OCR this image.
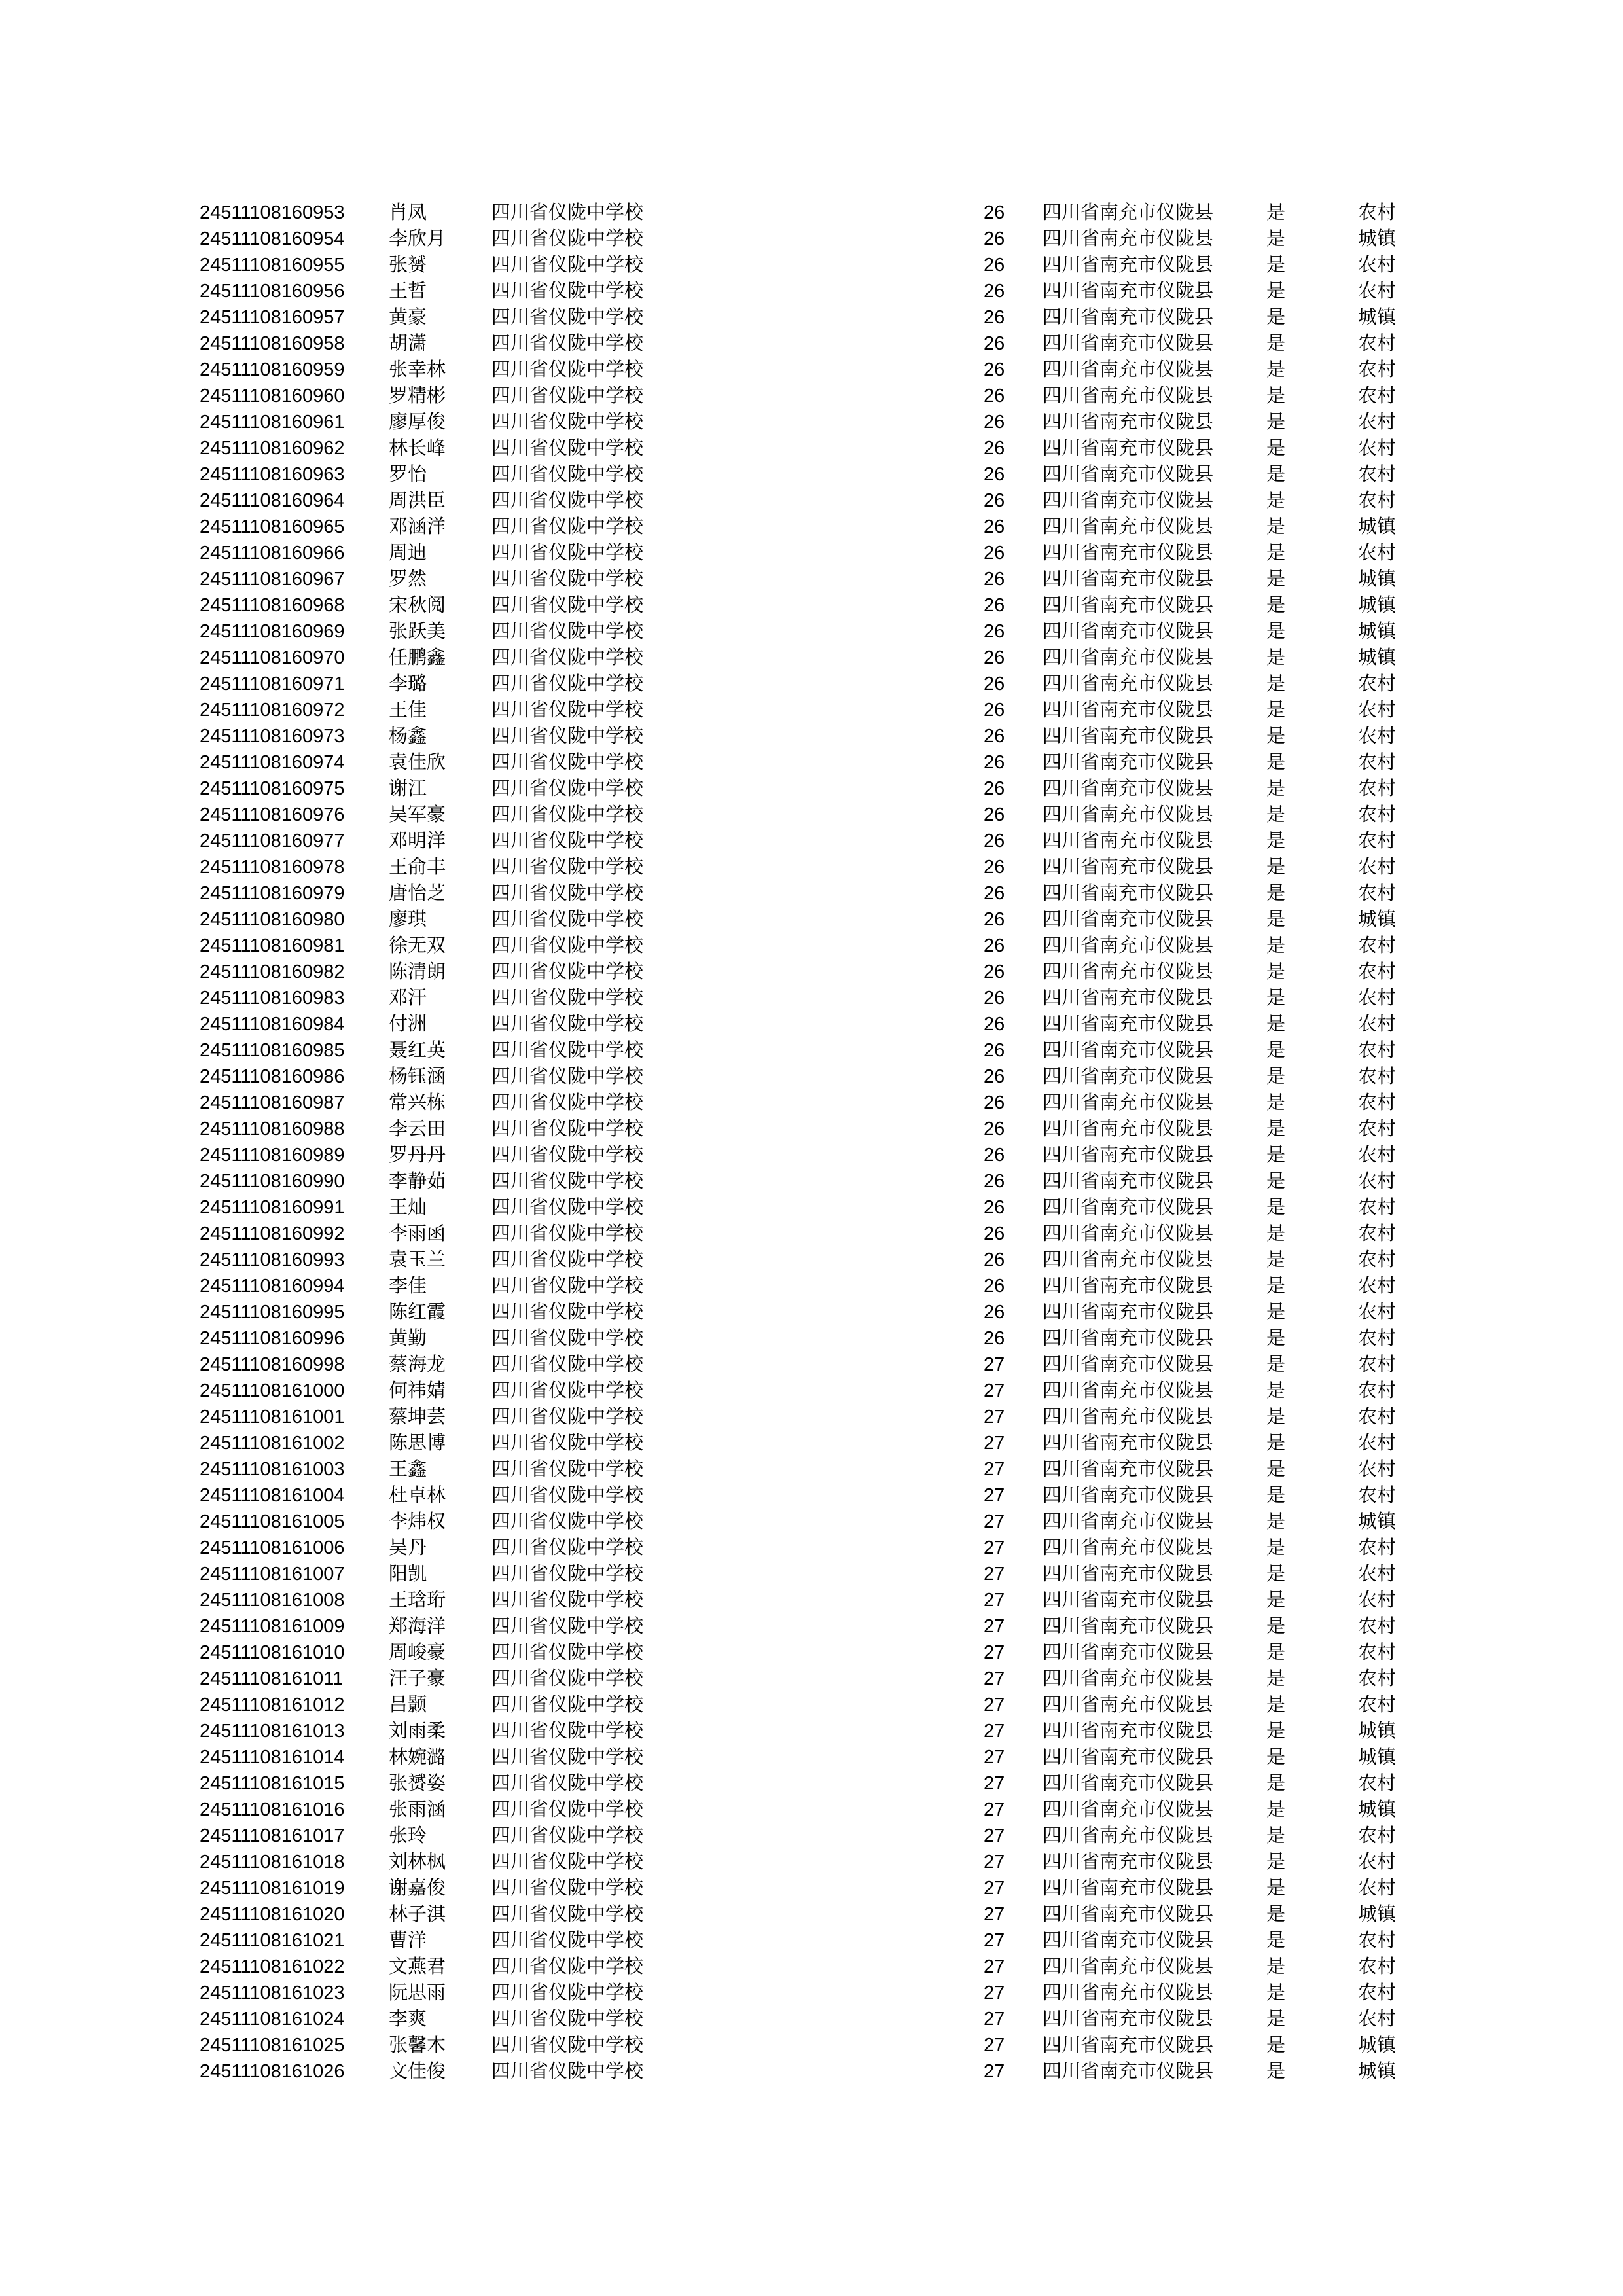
24511108160953 肖凤	四川省仪陇中学校	26 四川省南充市仪陇县	是	农村
24511108160954 李欣月 四川省仪陇中学校	26 四川省南充市仪陇县	是	城镇
24511108160955 张赟	四川省仪陇中学校	26 四川省南充市仪陇县	是	农村
24511108160956 王哲	四川省仪陇中学校	26 四川省南充市仪陇县	是	农村
24511108160957 黄豪	四川省仪陇中学校	26 四川省南充市仪陇县	是	城镇
24511108160958 胡潇	四川省仪陇中学校	26 四川省南充市仪陇县	是	农村
24511108160959 张幸林 四川省仪陇中学校	26 四川省南充市仪陇县	是	农村
24511108160960 罗精彬 四川省仪陇中学校	26 四川省南充市仪陇县	是	农村
24511108160961 廖厚俊 四川省仪陇中学校	26 四川省南充市仪陇县	是	农村
24511108160962 林长峰 四川省仪陇中学校	26 四川省南充市仪陇县	是	农村
24511108160963 罗怡	四川省仪陇中学校	26 四川省南充市仪陇县	是	农村
24511108160964 周洪臣 四川省仪陇中学校	26 四川省南充市仪陇县	是	农村
24511108160965 邓涵洋 四川省仪陇中学校	26 四川省南充市仪陇县	是	城镇
24511108160966 周迪	四川省仪陇中学校	26 四川省南充市仪陇县	是	农村
24511108160967 罗然	四川省仪陇中学校	26 四川省南充市仪陇县	是	城镇
24511108160968 宋秋阅 四川省仪陇中学校	26 四川省南充市仪陇县	是	城镇
24511108160969 张跃美 四川省仪陇中学校	26 四川省南充市仪陇县	是	城镇
24511108160970 任鹏鑫 四川省仪陇中学校	26 四川省南充市仪陇县	是	城镇
24511108160971 李璐	四川省仪陇中学校	26 四川省南充市仪陇县	是	农村
24511108160972 王佳	四川省仪陇中学校	26 四川省南充市仪陇县	是	农村
24511108160973 杨鑫	四川省仪陇中学校	26 四川省南充市仪陇县	是	农村
24511108160974 袁佳欣 四川省仪陇中学校	26 四川省南充市仪陇县	是	农村
24511108160975 谢江	四川省仪陇中学校	26 四川省南充市仪陇县	是	农村
24511108160976 吴军豪 四川省仪陇中学校	26 四川省南充市仪陇县	是	农村
24511108160977 邓明洋 四川省仪陇中学校	26 四川省南充市仪陇县	是	农村
24511108160978 王俞丰 四川省仪陇中学校	26 四川省南充市仪陇县	是	农村
24511108160979 唐怡芝 四川省仪陇中学校	26 四川省南充市仪陇县	是	农村
24511108160980 廖琪	四川省仪陇中学校	26 四川省南充市仪陇县	是	城镇
24511108160981 徐无双 四川省仪陇中学校	26 四川省南充市仪陇县	是	农村
24511108160982 陈清朗 四川省仪陇中学校	26 四川省南充市仪陇县	是	农村
24511108160983 邓汗	四川省仪陇中学校	26 四川省南充市仪陇县	是	农村
24511108160984 付洲	四川省仪陇中学校	26 四川省南充市仪陇县	是	农村
24511108160985 聂红英 四川省仪陇中学校	26 四川省南充市仪陇县	是	农村
24511108160986 杨钰涵 四川省仪陇中学校	26 四川省南充市仪陇县	是	农村
24511108160987 常兴栋 四川省仪陇中学校	26 四川省南充市仪陇县	是	农村
24511108160988 李云田 四川省仪陇中学校	26 四川省南充市仪陇县	是	农村
24511108160989 罗丹丹 四川省仪陇中学校	26 四川省南充市仪陇县	是	农村
24511108160990 李静茹 四川省仪陇中学校	26 四川省南充市仪陇县	是	农村
24511108160991 王灿	四川省仪陇中学校	26 四川省南充市仪陇县	是	农村
24511108160992 李雨函 四川省仪陇中学校	26 四川省南充市仪陇县	是	农村
24511108160993 袁玉兰 四川省仪陇中学校	26 四川省南充市仪陇县	是	农村
24511108160994 李佳	四川省仪陇中学校	26 四川省南充市仪陇县	是	农村
24511108160995 陈红霞 四川省仪陇中学校	26 四川省南充市仪陇县	是	农村
24511108160996 黄勤	四川省仪陇中学校	26 四川省南充市仪陇县	是	农村
24511108160998 蔡海龙 四川省仪陇中学校	27 四川省南充市仪陇县	是	农村
24511108161000 何祎婧 四川省仪陇中学校	27 四川省南充市仪陇县	是	农村
24511108161001 蔡坤芸 四川省仪陇中学校	27 四川省南充市仪陇县	是	农村
24511108161002 陈思博 四川省仪陇中学校	27 四川省南充市仪陇县	是	农村
24511108161003 王鑫	四川省仪陇中学校	27 四川省南充市仪陇县	是	农村
24511108161004 杜卓林 四川省仪陇中学校	27 四川省南充市仪陇县	是	农村
24511108161005 李炜权 四川省仪陇中学校	27 四川省南充市仪陇县	是	城镇
24511108161006 吴丹	四川省仪陇中学校	27 四川省南充市仪陇县	是	农村
24511108161007 阳凯	四川省仪陇中学校	27 四川省南充市仪陇县	是	农村
24511108161008 王琀珩 四川省仪陇中学校	27 四川省南充市仪陇县	是	农村
24511108161009 郑海洋 四川省仪陇中学校	27 四川省南充市仪陇县	是	农村
24511108161010 周峻豪 四川省仪陇中学校	27 四川省南充市仪陇县	是	农村
24511108161011 汪子豪 四川省仪陇中学校	27 四川省南充市仪陇县	是	农村
24511108161012 吕颢	四川省仪陇中学校	27 四川省南充市仪陇县	是	农村
24511108161013 刘雨柔 四川省仪陇中学校	27 四川省南充市仪陇县	是	城镇
24511108161014 林婉潞 四川省仪陇中学校	27 四川省南充市仪陇县	是	城镇
24511108161015 张赟姿 四川省仪陇中学校	27 四川省南充市仪陇县	是	农村
24511108161016 张雨涵 四川省仪陇中学校	27 四川省南充市仪陇县	是	城镇
24511108161017 张玲	四川省仪陇中学校	27 四川省南充市仪陇县	是	农村
24511108161018 刘林枫 四川省仪陇中学校	27 四川省南充市仪陇县	是	农村
24511108161019 谢嘉俊 四川省仪陇中学校	27 四川省南充市仪陇县	是	农村
24511108161020 林子淇 四川省仪陇中学校	27 四川省南充市仪陇县	是	城镇
24511108161021 曹洋	四川省仪陇中学校	27 四川省南充市仪陇县	是	农村
24511108161022 文燕君 四川省仪陇中学校	27 四川省南充市仪陇县	是	农村
24511108161023 阮思雨 四川省仪陇中学校	27 四川省南充市仪陇县	是	农村
24511108161024 李爽	四川省仪陇中学校	27 四川省南充市仪陇县	是	农村
24511108161025 张馨木 四川省仪陇中学校	27 四川省南充市仪陇县	是	城镇
24511108161026 文佳俊 四川省仪陇中学校	27 四川省南充市仪陇县	是	城镇
